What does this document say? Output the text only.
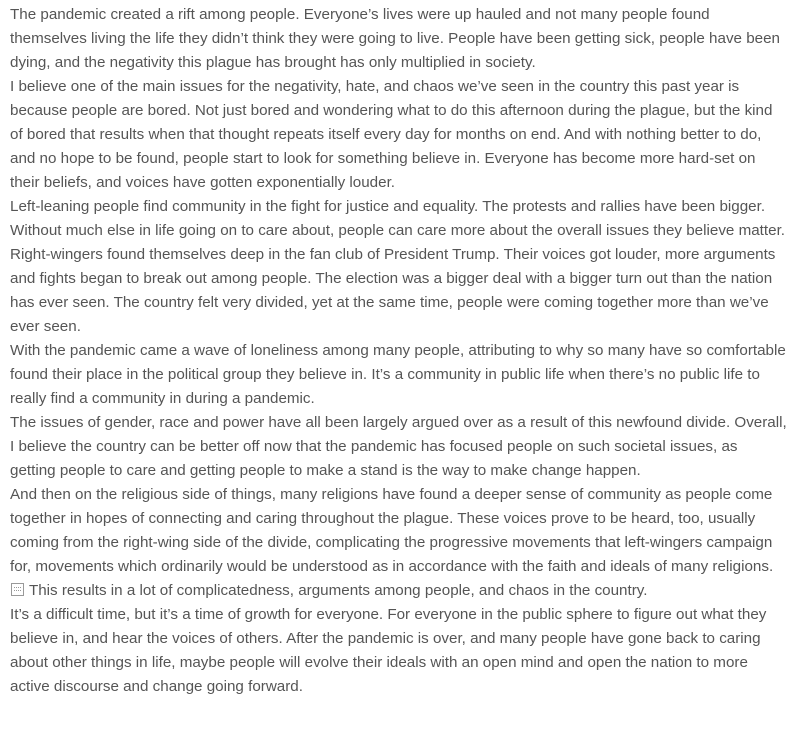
The pandemic created a rift among people. Everyone’s lives were up hauled and not many people found themselves living the life they didn’t think they were going to live. People have been getting sick, people have been dying, and the negativity this plague has brought has only multiplied in society.

I believe one of the main issues for the negativity, hate, and chaos we’ve seen in the country this past year is because people are bored. Not just bored and wondering what to do this afternoon during the plague, but the kind of bored that results when that thought repeats itself every day for months on end. And with nothing better to do, and no hope to be found, people start to look for something believe in. Everyone has become more hard-set on their beliefs, and voices have gotten exponentially louder.

Left-leaning people find community in the fight for justice and equality. The protests and rallies have been bigger. Without much else in life going on to care about, people can care more about the overall issues they believe matter.

Right-wingers found themselves deep in the fan club of President Trump. Their voices got louder, more arguments and fights began to break out among people. The election was a bigger deal with a bigger turn out than the nation has ever seen. The country felt very divided, yet at the same time, people were coming together more than we’ve ever seen.

With the pandemic came a wave of loneliness among many people, attributing to why so many have so comfortable found their place in the political group they believe in. It’s a community in public life when there’s no public life to really find a community in during a pandemic.

The issues of gender, race and power have all been largely argued over as a result of this newfound divide. Overall, I believe the country can be better off now that the pandemic has focused people on such societal issues, as getting people to care and getting people to make a stand is the way to make change happen.

And then on the religious side of things, many religions have found a deeper sense of community as people come together in hopes of connecting and caring throughout the plague. These voices prove to be heard, too, usually coming from the right-wing side of the divide, complicating the progressive movements that left-wingers campaign for, movements which ordinarily would be understood as in accordance with the faith and ideals of many religions.  This results in a lot of complicatedness, arguments among people, and chaos in the country.

It’s a difficult time, but it’s a time of growth for everyone. For everyone in the public sphere to figure out what they believe in, and hear the voices of others. After the pandemic is over, and many people have gone back to caring about other things in life, maybe people will evolve their ideals with an open mind and open the nation to more active discourse and change going forward.
